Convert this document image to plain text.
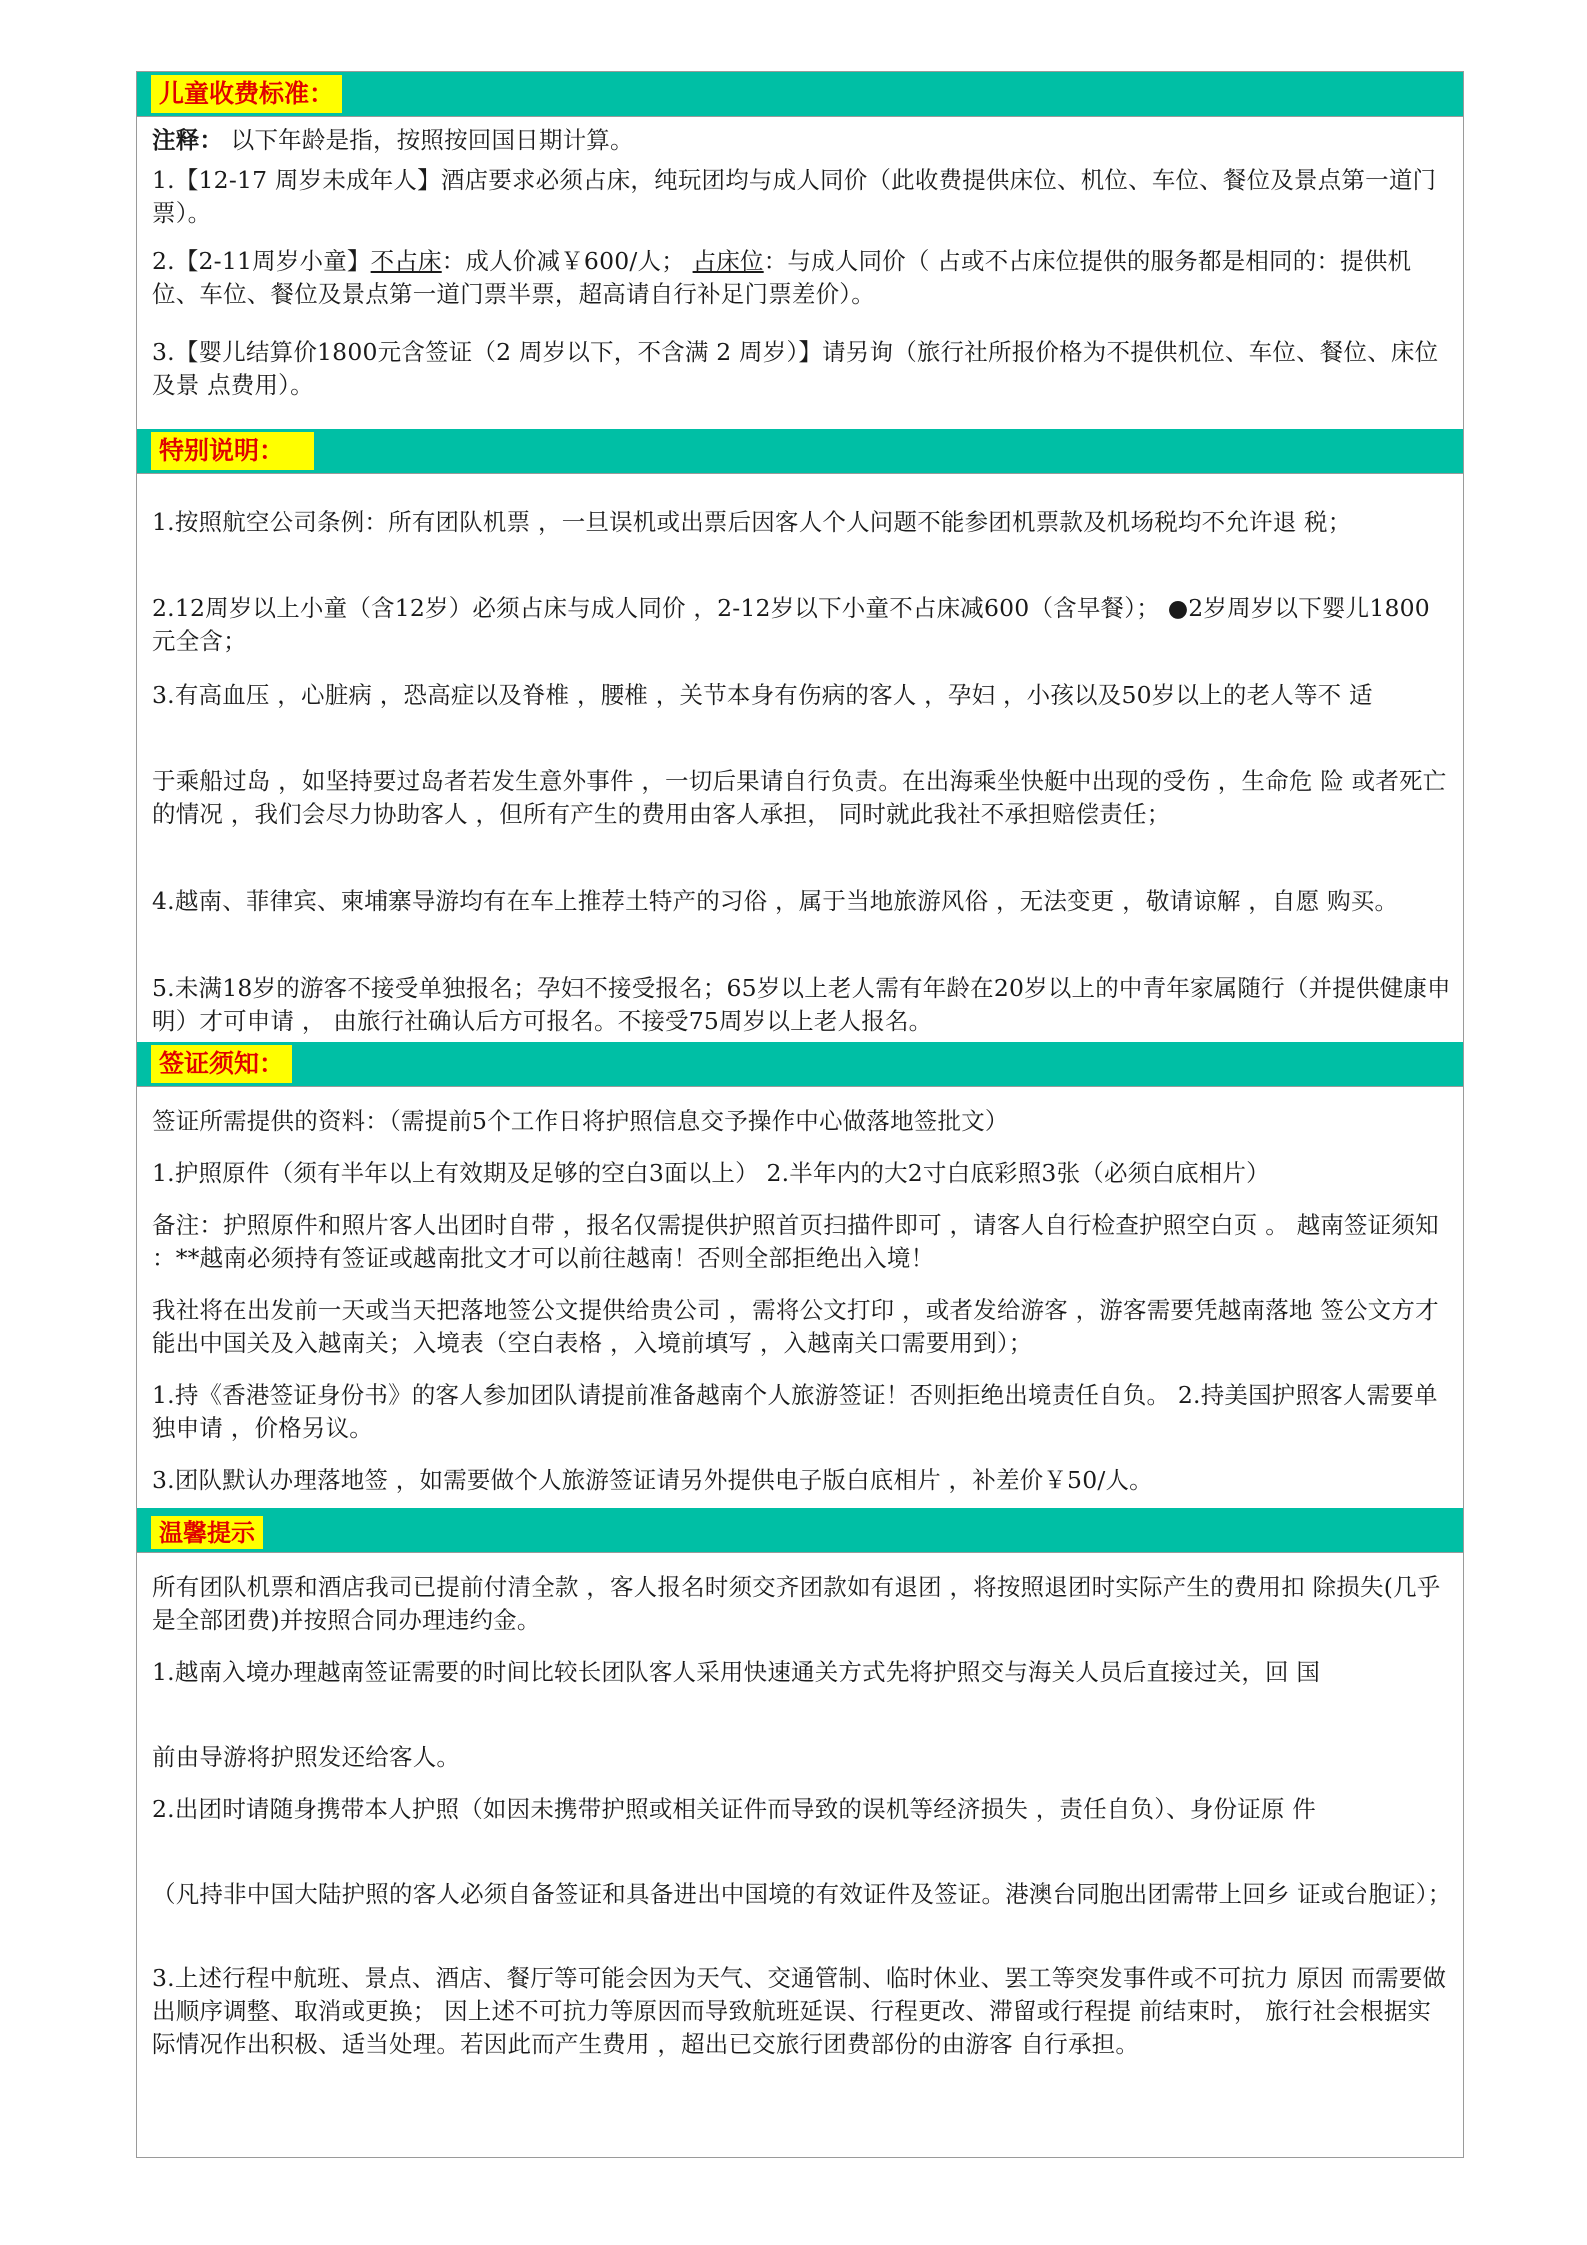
儿童收费标准：

注释： 以下年龄是指，按照按回国日期计算。

1.【12-17 周岁未成年人】酒店要求必须占床，纯玩团均与成人同价（此收费提供床位、机位、车位、餐位及景点第一道门票）。

2.【2-11周岁小童】不占床：成人价减￥600/人； 占床位：与成人同价（ 占或不占床位提供的服务都是相同的：提供机位、车位、餐位及景点第一道门票半票，超高请自行补足门票差价）。

3.【婴儿结算价1800元含签证（2 周岁以下，不含满 2 周岁）】请另询（旅行社所报价格为不提供机位、车位、餐位、床位及景 点费用）。

特别说明：

1.按照航空公司条例：所有团队机票 ，一旦误机或出票后因客人个人问题不能参团机票款及机场税均不允许退 税；

2.12周岁以上小童（含12岁）必须占床与成人同价 ，2-12岁以下小童不占床减600（含早餐）； ●2岁周岁以下婴儿1800元全含；

3.有高血压 ，心脏病 ，恐高症以及脊椎 ，腰椎 ，关节本身有伤病的客人 ，孕妇 ，小孩以及50岁以上的老人等不 适

于乘船过岛 ，如坚持要过岛者若发生意外事件 ，一切后果请自行负责。在出海乘坐快艇中出现的受伤 ，生命危 险 或者死亡的情况 ，我们会尽力协助客人 ，但所有产生的费用由客人承担， 同时就此我社不承担赔偿责任；

4.越南、菲律宾、柬埔寨导游均有在车上推荐土特产的习俗 ，属于当地旅游风俗 ，无法变更 ，敬请谅解 ，自愿 购买。

5.未满18岁的游客不接受单独报名；孕妇不接受报名；65岁以上老人需有年龄在20岁以上的中青年家属随行（并提供健康申明）才可申请 ， 由旅行社确认后方可报名。不接受75周岁以上老人报名。

签证须知：

签证所需提供的资料：（需提前5个工作日将护照信息交予操作中心做落地签批文）

1.护照原件（须有半年以上有效期及足够的空白3面以上） 2.半年内的大2寸白底彩照3张（必须白底相片）

备注：护照原件和照片客人出团时自带 ，报名仅需提供护照首页扫描件即可 ，请客人自行检查护照空白页 。 越南签证须知 ：**越南必须持有签证或越南批文才可以前往越南！否则全部拒绝出入境！

我社将在出发前一天或当天把落地签公文提供给贵公司 ，需将公文打印 ，或者发给游客 ，游客需要凭越南落地 签公文方才能出中国关及入越南关；入境表（空白表格 ，入境前填写 ，入越南关口需要用到）；

1.持《香港签证身份书》的客人参加团队请提前准备越南个人旅游签证！否则拒绝出境责任自负。 2.持美国护照客人需要单独申请 ，价格另议。

3.团队默认办理落地签 ，如需要做个人旅游签证请另外提供电子版白底相片 ，补差价￥50/人。

温馨提示

所有团队机票和酒店我司已提前付清全款 ，客人报名时须交齐团款如有退团 ，将按照退团时实际产生的费用扣 除损失(几乎是全部团费)并按照合同办理违约金。

1.越南入境办理越南签证需要的时间比较长团队客人采用快速通关方式先将护照交与海关人员后直接过关，回 国

前由导游将护照发还给客人。

2.出团时请随身携带本人护照（如因未携带护照或相关证件而导致的误机等经济损失 ，责任自负）、身份证原 件

（凡持非中国大陆护照的客人必须自备签证和具备进出中国境的有效证件及签证。港澳台同胞出团需带上回乡 证或台胞证）；

3.上述行程中航班、景点、酒店、餐厅等可能会因为天气、交通管制、临时休业、罢工等突发事件或不可抗力 原因 而需要做出顺序调整、取消或更换； 因上述不可抗力等原因而导致航班延误、行程更改、滞留或行程提 前结束时， 旅行社会根据实际情况作出积极、适当处理。若因此而产生费用 ，超出已交旅行团费部份的由游客 自行承担。
